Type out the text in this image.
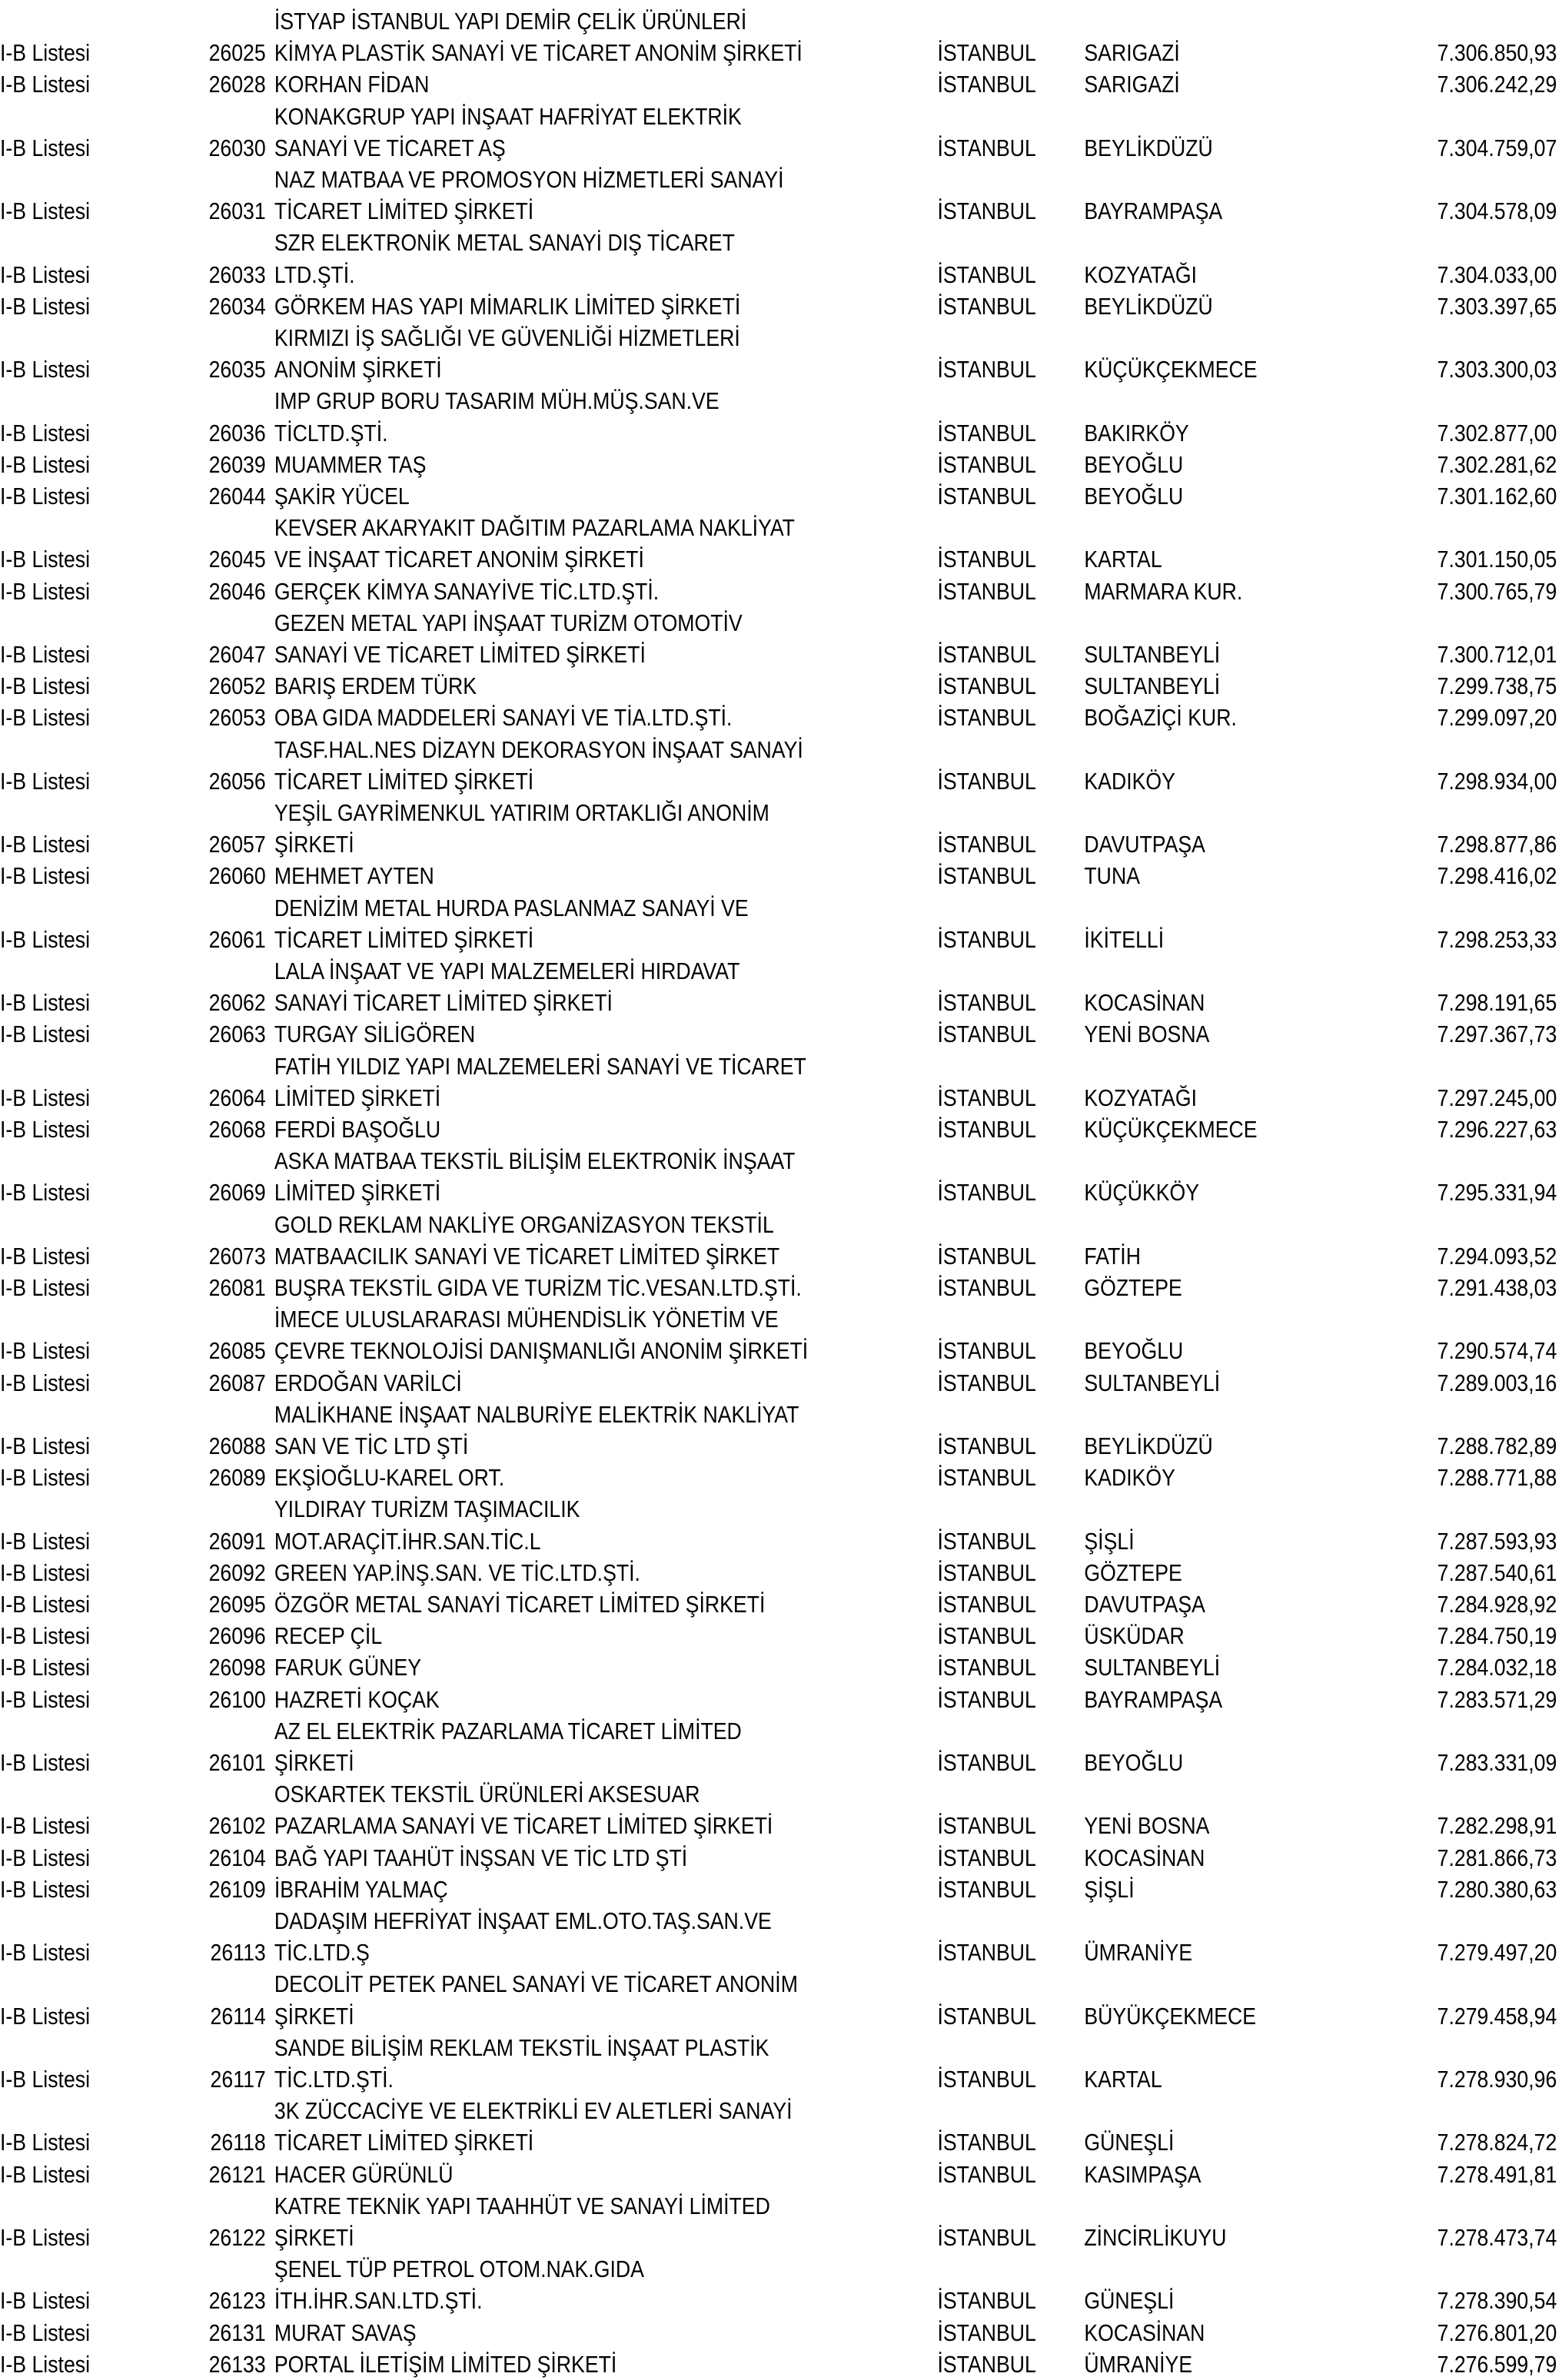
İSTYAP İSTANBUL YAPI DEMİR ÇELİK ÜRÜNLERİ
I-B Listesi	26025 KİMYA PLASTİK SANAYİ VE TİCARET ANONİM ŞİRKETİ	İSTANBUL SARIGAZİ	7.306.850,93
I-B Listesi	26028 KORHAN FİDAN	İSTANBUL SARIGAZİ	7.306.242,29
KONAKGRUP YAPI İNŞAAT HAFRİYAT ELEKTRİK
I-B Listesi	26030 SANAYİ VE TİCARET AŞ	İSTANBUL BEYLİKDÜZÜ	7.304.759,07
NAZ MATBAA VE PROMOSYON HİZMETLERİ SANAYİ
I-B Listesi	26031 TİCARET LİMİTED ŞİRKETİ	İSTANBUL BAYRAMPAŞA	7.304.578,09
SZR ELEKTRONİK METAL SANAYİ DIŞ TİCARET
I-B Listesi	26033 LTD.ŞTİ.	İSTANBUL KOZYATAĞI	7.304.033,00
I-B Listesi	26034 GÖRKEM HAS YAPI MİMARLIK LİMİTED ŞİRKETİ	İSTANBUL BEYLİKDÜZÜ	7.303.397,65
KIRMIZI İŞ SAĞLIĞI VE GÜVENLİĞİ HİZMETLERİ
I-B Listesi	26035 ANONİM ŞİRKETİ	İSTANBUL KÜÇÜKÇEKMECE	7.303.300,03
IMP GRUP BORU TASARIM MÜH.MÜŞ.SAN.VE
I-B Listesi	26036 TİCLTD.ŞTİ.	İSTANBUL BAKIRKÖY	7.302.877,00
I-B Listesi	26039 MUAMMER TAŞ	İSTANBUL BEYOĞLU	7.302.281,62
I-B Listesi	26044 ŞAKİR YÜCEL	İSTANBUL BEYOĞLU	7.301.162,60
KEVSER AKARYAKIT DAĞITIM PAZARLAMA NAKLİYAT
I-B Listesi	26045 VE İNŞAAT TİCARET ANONİM ŞİRKETİ	İSTANBUL KARTAL	7.301.150,05
I-B Listesi	26046 GERÇEK KİMYA SANAYİVE TİC.LTD.ŞTİ.	İSTANBUL MARMARA KUR.	7.300.765,79
GEZEN METAL YAPI İNŞAAT TURİZM OTOMOTİV
I-B Listesi	26047 SANAYİ VE TİCARET LİMİTED ŞİRKETİ	İSTANBUL SULTANBEYLİ	7.300.712,01
I-B Listesi	26052 BARIŞ ERDEM TÜRK	İSTANBUL SULTANBEYLİ	7.299.738,75
I-B Listesi	26053 OBA GIDA MADDELERİ SANAYİ VE TİA.LTD.ŞTİ.	İSTANBUL BOĞAZİÇİ KUR.	7.299.097,20
TASF.HAL.NES DİZAYN DEKORASYON İNŞAAT SANAYİ
I-B Listesi	26056 TİCARET LİMİTED ŞİRKETİ	İSTANBUL KADIKÖY	7.298.934,00
YEŞİL GAYRİMENKUL YATIRIM ORTAKLIĞI ANONİM
I-B Listesi	26057 ŞİRKETİ	İSTANBUL DAVUTPAŞA	7.298.877,86
I-B Listesi	26060 MEHMET AYTEN	İSTANBUL TUNA	7.298.416,02
DENİZİM METAL HURDA PASLANMAZ SANAYİ VE
I-B Listesi	26061 TİCARET LİMİTED ŞİRKETİ	İSTANBUL İKİTELLİ	7.298.253,33
LALA İNŞAAT VE YAPI MALZEMELERİ HIRDAVAT
I-B Listesi	26062 SANAYİ TİCARET LİMİTED ŞİRKETİ	İSTANBUL KOCASİNAN	7.298.191,65
I-B Listesi	26063 TURGAY SİLİGÖREN	İSTANBUL YENİ BOSNA	7.297.367,73
FATİH YILDIZ YAPI MALZEMELERİ SANAYİ VE TİCARET
I-B Listesi	26064 LİMİTED ŞİRKETİ	İSTANBUL KOZYATAĞI	7.297.245,00
I-B Listesi	26068 FERDİ BAŞOĞLU	İSTANBUL KÜÇÜKÇEKMECE	7.296.227,63
ASKA MATBAA TEKSTİL BİLİŞİM ELEKTRONİK İNŞAAT
I-B Listesi	26069 LİMİTED ŞİRKETİ	İSTANBUL KÜÇÜKKÖY	7.295.331,94
GOLD REKLAM NAKLİYE ORGANİZASYON TEKSTİL
I-B Listesi	26073 MATBAACILIK SANAYİ VE TİCARET LİMİTED ŞİRKET	İSTANBUL FATİH	7.294.093,52
I-B Listesi	26081 BUŞRA TEKSTİL GIDA VE TURİZM TİC.VESAN.LTD.ŞTİ.	İSTANBUL GÖZTEPE	7.291.438,03
İMECE ULUSLARARASI MÜHENDİSLİK YÖNETİM VE
I-B Listesi	26085 ÇEVRE TEKNOLOJİSİ DANIŞMANLIĞI ANONİM ŞİRKETİ	İSTANBUL BEYOĞLU	7.290.574,74
I-B Listesi	26087 ERDOĞAN VARİLCİ	İSTANBUL SULTANBEYLİ	7.289.003,16
MALİKHANE İNŞAAT NALBURİYE ELEKTRİK NAKLİYAT
I-B Listesi	26088 SAN VE TİC LTD ŞTİ	İSTANBUL BEYLİKDÜZÜ	7.288.782,89
I-B Listesi	26089 EKŞİOĞLU-KAREL ORT.	İSTANBUL KADIKÖY	7.288.771,88
YILDIRAY TURİZM TAŞIMACILIK
I-B Listesi	26091 MOT.ARAÇİT.İHR.SAN.TİC.L	İSTANBUL ŞİŞLİ	7.287.593,93
I-B Listesi	26092 GREEN YAP.İNŞ.SAN. VE TİC.LTD.ŞTİ.	İSTANBUL GÖZTEPE	7.287.540,61
I-B Listesi	26095 ÖZGÖR METAL SANAYİ TİCARET LİMİTED ŞİRKETİ	İSTANBUL DAVUTPAŞA	7.284.928,92
I-B Listesi	26096 RECEP ÇİL	İSTANBUL ÜSKÜDAR	7.284.750,19
I-B Listesi	26098 FARUK GÜNEY	İSTANBUL SULTANBEYLİ	7.284.032,18
I-B Listesi	26100 HAZRETİ KOÇAK	İSTANBUL BAYRAMPAŞA	7.283.571,29
AZ EL ELEKTRİK PAZARLAMA TİCARET LİMİTED
I-B Listesi	26101 ŞİRKETİ	İSTANBUL BEYOĞLU	7.283.331,09
OSKARTEK TEKSTİL ÜRÜNLERİ AKSESUAR
I-B Listesi	26102 PAZARLAMA SANAYİ VE TİCARET LİMİTED ŞİRKETİ	İSTANBUL YENİ BOSNA	7.282.298,91
I-B Listesi	26104 BAĞ YAPI TAAHÜT İNŞSAN VE TİC LTD ŞTİ	İSTANBUL KOCASİNAN	7.281.866,73
I-B Listesi	26109 İBRAHİM YALMAÇ	İSTANBUL ŞİŞLİ	7.280.380,63
DADAŞIM HEFRİYAT İNŞAAT EML.OTO.TAŞ.SAN.VE
I-B Listesi	26113 TİC.LTD.Ş	İSTANBUL ÜMRANİYE	7.279.497,20
DECOLİT PETEK PANEL SANAYİ VE TİCARET ANONİM
I-B Listesi	26114 ŞİRKETİ	İSTANBUL BÜYÜKÇEKMECE	7.279.458,94
SANDE BİLİŞİM REKLAM TEKSTİL İNŞAAT PLASTİK
I-B Listesi	26117 TİC.LTD.ŞTİ.	İSTANBUL KARTAL	7.278.930,96
3K ZÜCCACİYE VE ELEKTRİKLİ EV ALETLERİ SANAYİ
I-B Listesi	26118 TİCARET LİMİTED ŞİRKETİ	İSTANBUL GÜNEŞLİ	7.278.824,72
I-B Listesi	26121 HACER GÜRÜNLÜ	İSTANBUL KASIMPAŞA	7.278.491,81
KATRE TEKNİK YAPI TAAHHÜT VE SANAYİ LİMİTED
I-B Listesi	26122 ŞİRKETİ	İSTANBUL ZİNCİRLİKUYU	7.278.473,74
ŞENEL TÜP PETROL OTOM.NAK.GIDA
I-B Listesi	26123 İTH.İHR.SAN.LTD.ŞTİ.	İSTANBUL GÜNEŞLİ	7.278.390,54
I-B Listesi	26131 MURAT SAVAŞ	İSTANBUL KOCASİNAN	7.276.801,20
I-B Listesi	26133 PORTAL İLETİŞİM LİMİTED ŞİRKETİ	İSTANBUL ÜMRANİYE	7.276.599,79
